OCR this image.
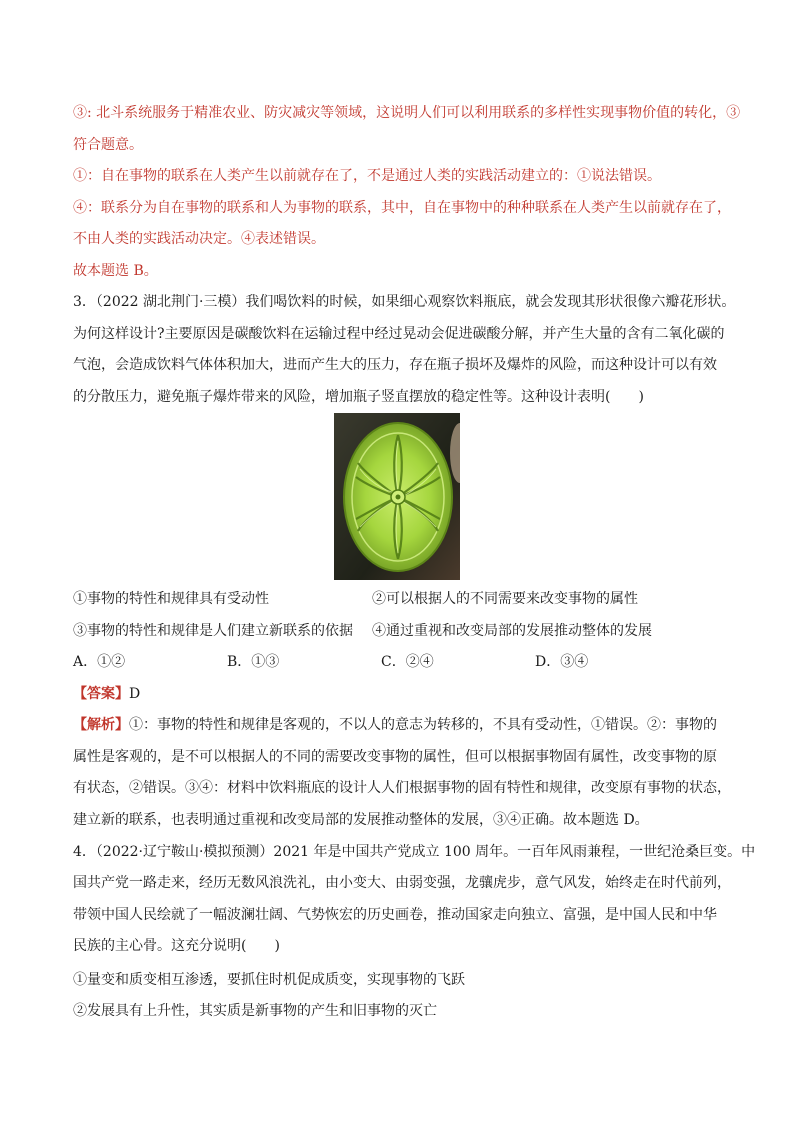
③: 北斗系统服务于精准农业、防灾减灾等领域，这说明人们可以利用联系的多样性实现事物价值的转化，③
符合题意。
①：自在事物的联系在人类产生以前就存在了，不是通过人类的实践活动建立的：①说法错误。
④：联系分为自在事物的联系和人为事物的联系，其中，自在事物中的种种联系在人类产生以前就存在了，
不由人类的实践活动决定。④表述错误。
故本题选 B。
3．（2022 湖北荆门·三模）我们喝饮料的时候，如果细心观察饮料瓶底，就会发现其形状很像六瓣花形状。
为何这样设计?主要原因是碳酸饮料在运输过程中经过晃动会促进碳酸分解，并产生大量的含有二氧化碳的
气泡，会造成饮料气体体积加大，进而产生大的压力，存在瓶子损坏及爆炸的风险，而这种设计可以有效
的分散压力，避免瓶子爆炸带来的风险，增加瓶子竖直摆放的稳定性等。这种设计表明(　　)
①事物的特性和规律具有受动性	②可以根据人的不同需要来改变事物的属性
③事物的特性和规律是人们建立新联系的依据 ④通过重视和改变局部的发展推动整体的发展
A．①②	B．①③	C．②④	D．③④
【答案】D
【解析】①：事物的特性和规律是客观的，不以人的意志为转移的，不具有受动性，①错误。②：事物的
属性是客观的，是不可以根据人的不同的需要改变事物的属性，但可以根据事物固有属性，改变事物的原
有状态，②错误。③④：材料中饮料瓶底的设计人人们根据事物的固有特性和规律，改变原有事物的状态，
建立新的联系，也表明通过重视和改变局部的发展推动整体的发展，③④正确。故本题选 D。
4．（2022·辽宁鞍山·模拟预测）2021 年是中国共产党成立 100 周年。一百年风雨兼程，一世纪沧桑巨变。中
国共产党一路走来，经历无数风浪洗礼，由小变大、由弱变强，龙骧虎步，意气风发，始终走在时代前列，
带领中国人民绘就了一幅波澜壮阔、气势恢宏的历史画卷，推动国家走向独立、富强，是中国人民和中华
民族的主心骨。这充分说明(　　)
①量变和质变相互渗透，要抓住时机促成质变，实现事物的飞跃
②发展具有上升性，其实质是新事物的产生和旧事物的灭亡
